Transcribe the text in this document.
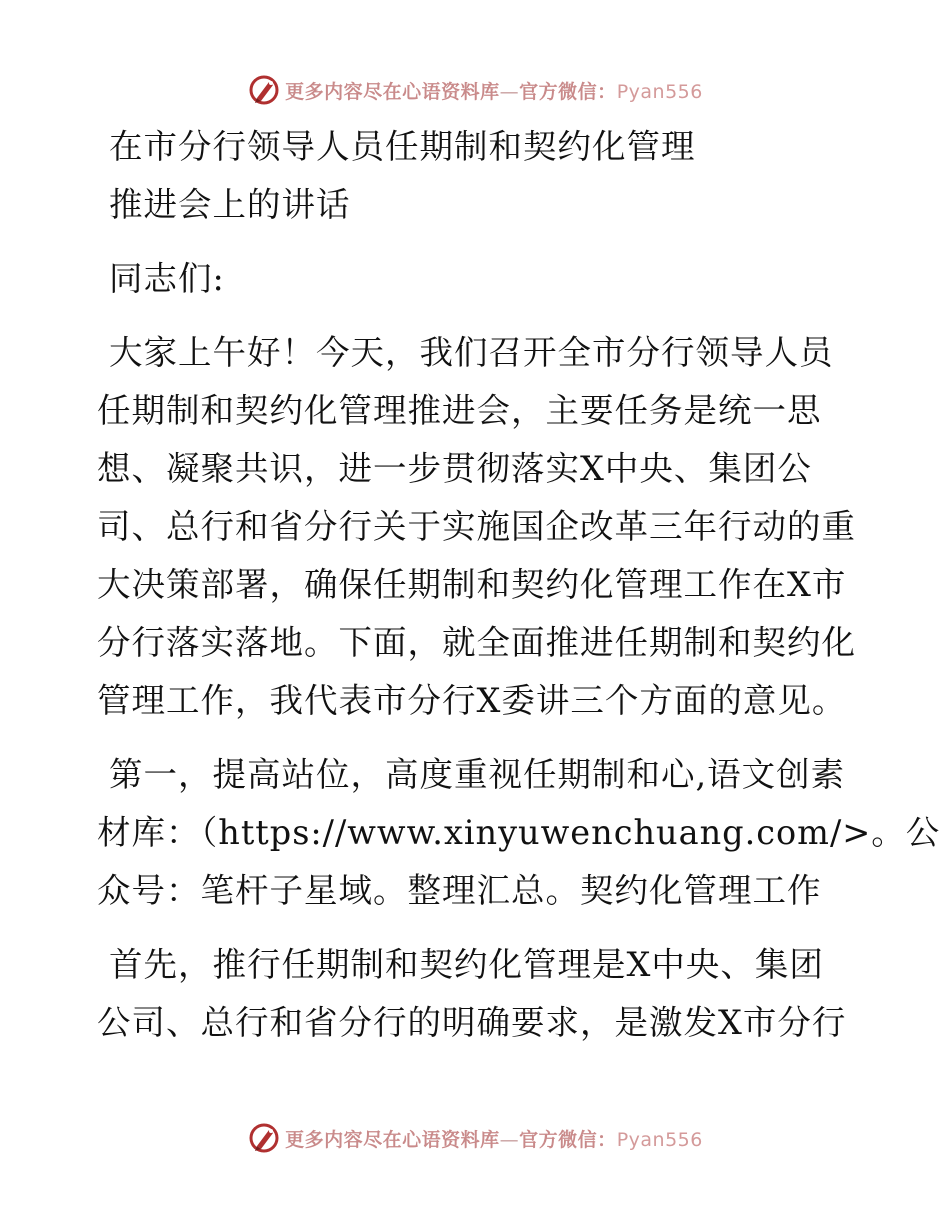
更多内容尽在心语资料库—官方微信：Pyan556
在市分行领导人员任期制和契约化管理
推进会上的讲话
同志们:
大家上午好！今天，我们召开全市分行领导人员
任期制和契约化管理推进会，主要任务是统一思
想、凝聚共识，进一步贯彻落实X中央、集团公
司、总行和省分行关于实施国企改革三年行动的重
大决策部署，确保任期制和契约化管理工作在X市
分行落实落地。下面，就全面推进任期制和契约化
管理工作，我代表市分行X委讲三个方面的意见。
第一，提高站位，高度重视任期制和心,语文创素
材库：（https://www.xinyuwenchuang.com/>。公
众号：笔杆子星域。整理汇总。契约化管理工作
首先，推行任期制和契约化管理是X中央、集团
公司、总行和省分行的明确要求，是激发X市分行
更多内容尽在心语资料库—官方微信：Pyan556
